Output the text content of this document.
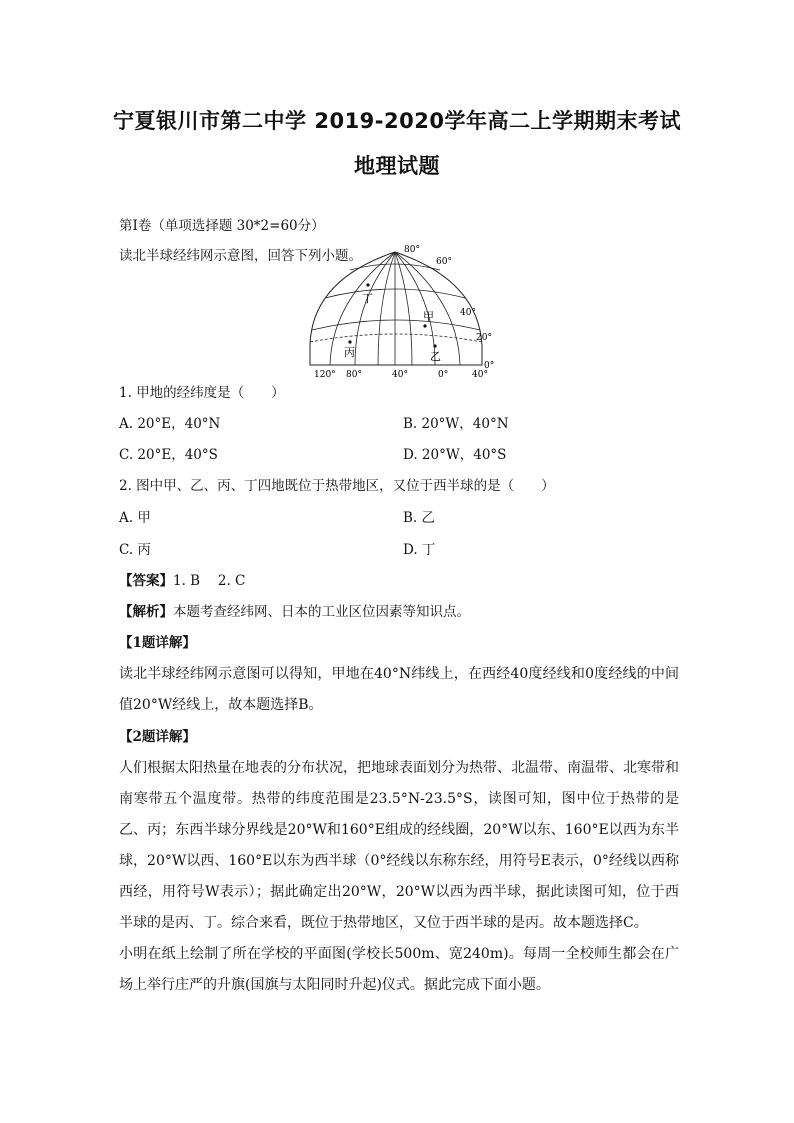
宁夏银川市第二中学 2019-2020学年高二上学期期末考试
地理试题
第Ⅰ卷（单项选择题 30*2=60分）
读北半球经纬网示意图，回答下列小题。
丁
甲
丙	乙
80°
60°
40°
20°
0°
120° 80°	40°	0°	40°
1. 甲地的经纬度是（　　）
A. 20°E，40°N	B. 20°W，40°N
C. 20°E，40°S	D. 20°W，40°S
2. 图中甲、乙、丙、丁四地既位于热带地区，又位于西半球的是（　　）
A. 甲	B. 乙
C. 丙	D. 丁
【答案】1. B　 2. C
【解析】本题考查经纬网、日本的工业区位因素等知识点。
【1题详解】
读北半球经纬网示意图可以得知，甲地在40°N纬线上，在西经40度经线和0度经线的中间值20°W经线上，故本题选择B。
【2题详解】
人们根据太阳热量在地表的分布状况，把地球表面划分为热带、北温带、南温带、北寒带和南寒带五个温度带。热带的纬度范围是23.5°N-23.5°S，读图可知，图中位于热带的是乙、丙；东西半球分界线是20°W和160°E组成的经线圈，20°W以东、160°E以西为东半球，20°W以西、160°E以东为西半球（0°经线以东称东经，用符号E表示，0°经线以西称西经，用符号W表示）；据此确定出20°W，20°W以西为西半球，据此读图可知，位于西半球的是丙、丁。综合来看，既位于热带地区，又位于西半球的是丙。故本题选择C。
小明在纸上绘制了所在学校的平面图(学校长500m、宽240m)。每周一全校师生都会在广场上举行庄严的升旗(国旗与太阳同时升起)仪式。据此完成下面小题。
